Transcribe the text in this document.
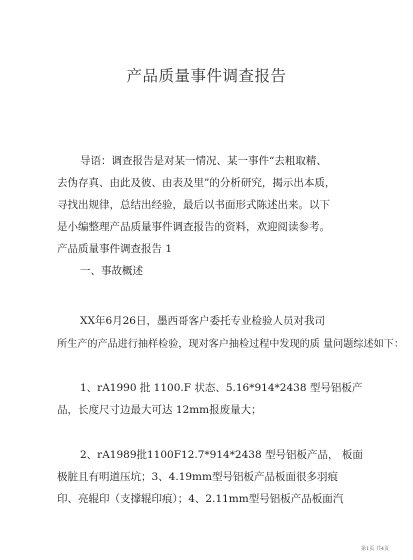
产品质量事件调查报告
导语：调查报告是对某一情况、某一事件“去粗取精、
去伪存真、由此及彼、由表及里”的分析研究，揭示出本质，
寻找出规律，总结出经验，最后以书面形式陈述出来。以下
是小编整理产品质量事件调查报告的资料，欢迎阅读参考。
产品质量事件调查报告 1
一、事故概述
XX年6月26日，墨西哥客户委托专业检验人员对我司
所生产的产品进行抽样检验，现对客户抽检过程中发现的质 量问题综述如下：
1、rA1990 批 1100.F 状态、5.16*914*2438 型号铝板产
品，长度尺寸边最大可达 12mm报废量大；
2、rA1989批1100F12.7*914*2438 型号铝板产品， 板面
极脏且有明道压坑；3、4.19mm型号铝板产品板面很多羽痕
印、亮辊印（支撑辊印痕）；4、2.11mm型号铝板产品板面汽
第1页 共4页
